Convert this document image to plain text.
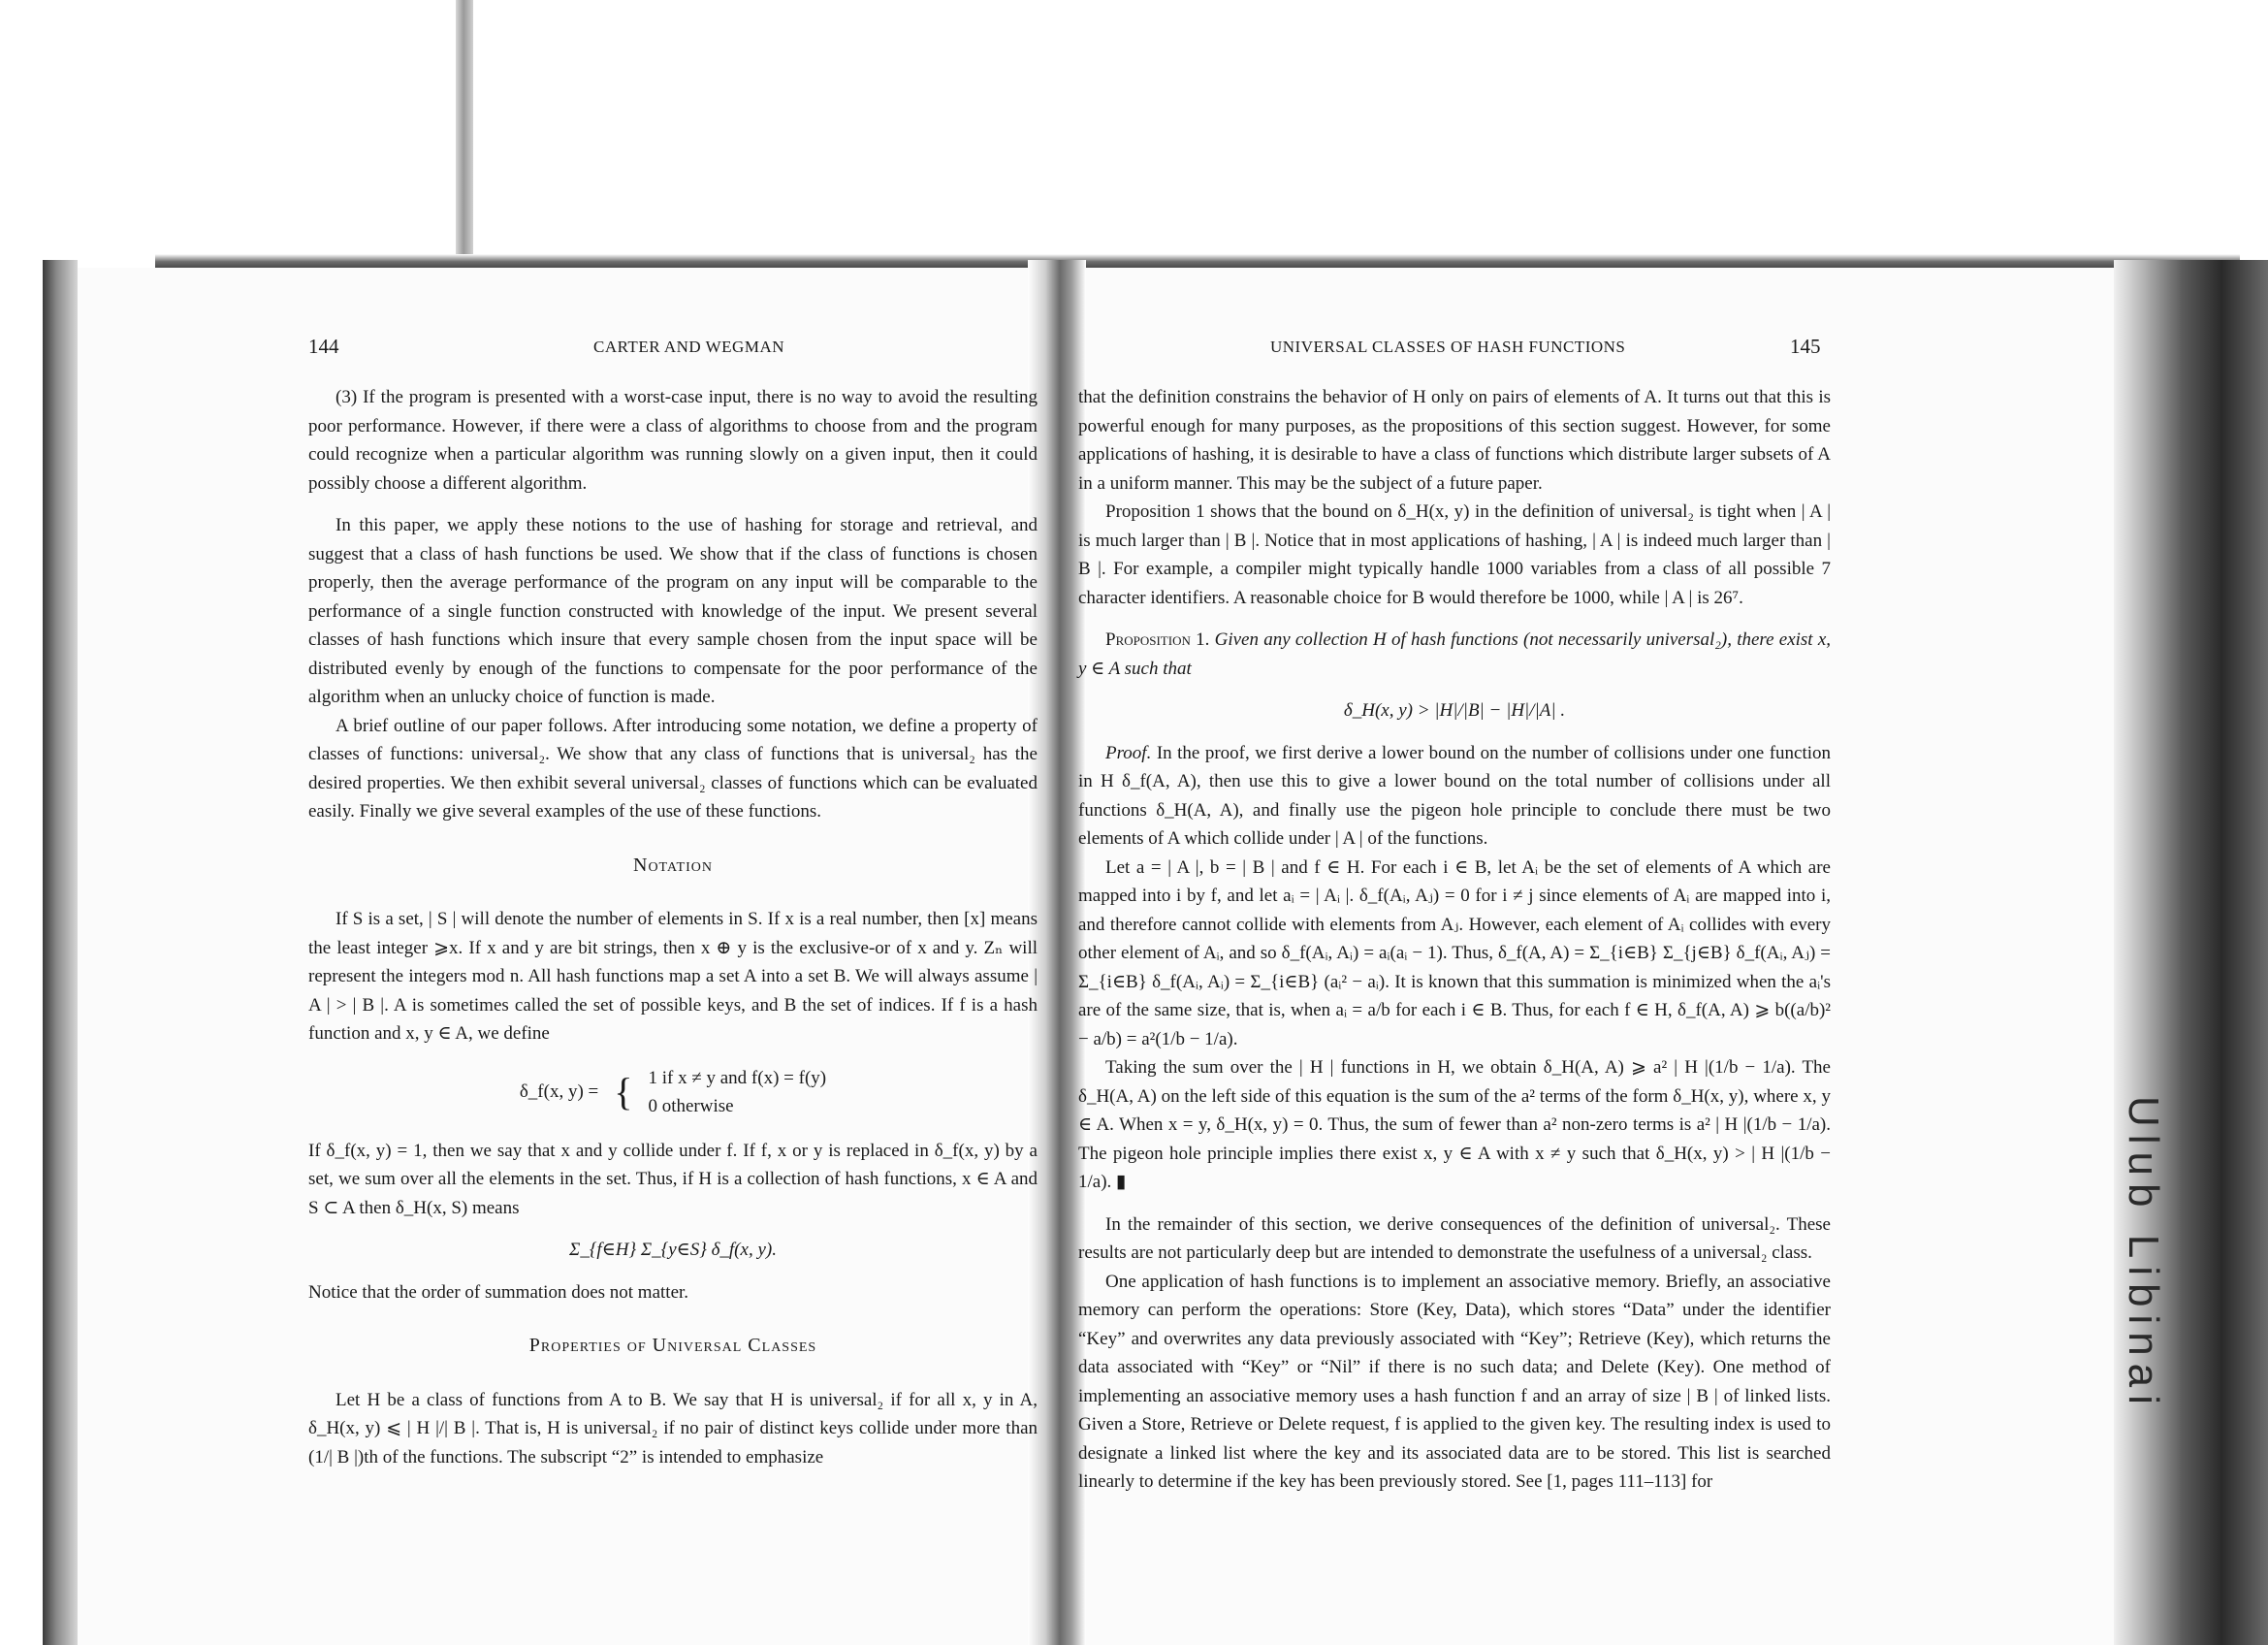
Ulub Libinai
144	CARTER AND WEGMAN

(3) If the program is presented with a worst-case input, there is no way to avoid the resulting poor performance. However, if there were a class of algorithms to choose from and the program could recognize when a particular algorithm was running slowly on a given input, then it could possibly choose a different algorithm.

In this paper, we apply these notions to the use of hashing for storage and retrieval, and suggest that a class of hash functions be used. We show that if the class of functions is chosen properly, then the average performance of the program on any input will be comparable to the performance of a single function constructed with knowledge of the input. We present several classes of hash functions which insure that every sample chosen from the input space will be distributed evenly by enough of the functions to compensate for the poor performance of the algorithm when an unlucky choice of function is made.

A brief outline of our paper follows. After introducing some notation, we define a property of classes of functions: universal₂. We show that any class of functions that is universal₂ has the desired properties. We then exhibit several universal₂ classes of functions which can be evaluated easily. Finally we give several examples of the use of these functions.

Notation

If S is a set, | S | will denote the number of elements in S. If x is a real number, then [x] means the least integer ⩾x. If x and y are bit strings, then x ⊕ y is the exclusive-or of x and y. Zₙ will represent the integers mod n. All hash functions map a set A into a set B. We will always assume | A | > | B |. A is sometimes called the set of possible keys, and B the set of indices. If f is a hash function and x, y ∈ A, we define

δ_f(x, y) = { 1 if x ≠ y and f(x) = f(y)
0 otherwise

If δ_f(x, y) = 1, then we say that x and y collide under f. If f, x or y is replaced in δ_f(x, y) by a set, we sum over all the elements in the set. Thus, if H is a collection of hash functions, x ∈ A and S ⊂ A then δ_H(x, S) means

Σ_{f∈H} Σ_{y∈S} δ_f(x, y).

Notice that the order of summation does not matter.

Properties of Universal Classes

Let H be a class of functions from A to B. We say that H is universal₂ if for all x, y in A, δ_H(x, y) ⩽ | H |/| B |. That is, H is universal₂ if no pair of distinct keys collide under more than (1/| B |)th of the functions. The subscript “2” is intended to emphasize

UNIVERSAL CLASSES OF HASH FUNCTIONS	145

that the definition constrains the behavior of H only on pairs of elements of A. It turns out that this is powerful enough for many purposes, as the propositions of this section suggest. However, for some applications of hashing, it is desirable to have a class of functions which distribute larger subsets of A in a uniform manner. This may be the subject of a future paper.

Proposition 1 shows that the bound on δ_H(x, y) in the definition of universal₂ is tight when | A | is much larger than | B |. Notice that in most applications of hashing, | A | is indeed much larger than | B |. For example, a compiler might typically handle 1000 variables from a class of all possible 7 character identifiers. A reasonable choice for B would therefore be 1000, while | A | is 26⁷.

Proposition 1. Given any collection H of hash functions (not necessarily universal₂), there exist x, y ∈ A such that

δ_H(x, y) > |H|/|B| − |H|/|A| .

Proof. In the proof, we first derive a lower bound on the number of collisions under one function in H δ_f(A, A), then use this to give a lower bound on the total number of collisions under all functions δ_H(A, A), and finally use the pigeon hole principle to conclude there must be two elements of A which collide under | A | of the functions.

Let a = | A |, b = | B | and f ∈ H. For each i ∈ B, let Aᵢ be the set of elements of A which are mapped into i by f, and let aᵢ = | Aᵢ |. δ_f(Aᵢ, Aⱼ) = 0 for i ≠ j since elements of Aᵢ are mapped into i, and therefore cannot collide with elements from Aⱼ. However, each element of Aᵢ collides with every other element of Aᵢ, and so δ_f(Aᵢ, Aᵢ) = aᵢ(aᵢ − 1). Thus, δ_f(A, A) = Σ_{i∈B} Σ_{j∈B} δ_f(Aᵢ, Aⱼ) = Σ_{i∈B} δ_f(Aᵢ, Aᵢ) = Σ_{i∈B} (aᵢ² − aᵢ). It is known that this summation is minimized when the aᵢ's are of the same size, that is, when aᵢ = a/b for each i ∈ B. Thus, for each f ∈ H, δ_f(A, A) ⩾ b((a/b)² − a/b) = a²(1/b − 1/a).

Taking the sum over the | H | functions in H, we obtain δ_H(A, A) ⩾ a² | H |(1/b − 1/a). The δ_H(A, A) on the left side of this equation is the sum of the a² terms of the form δ_H(x, y), where x, y ∈ A. When x = y, δ_H(x, y) = 0. Thus, the sum of fewer than a² non-zero terms is a² | H |(1/b − 1/a). The pigeon hole principle implies there exist x, y ∈ A with x ≠ y such that δ_H(x, y) > | H |(1/b − 1/a). ▮

In the remainder of this section, we derive consequences of the definition of universal₂. These results are not particularly deep but are intended to demonstrate the usefulness of a universal₂ class.

One application of hash functions is to implement an associative memory. Briefly, an associative memory can perform the operations: Store (Key, Data), which stores “Data” under the identifier “Key” and overwrites any data previously associated with “Key”; Retrieve (Key), which returns the data associated with “Key” or “Nil” if there is no such data; and Delete (Key). One method of implementing an associative memory uses a hash function f and an array of size | B | of linked lists. Given a Store, Retrieve or Delete request, f is applied to the given key. The resulting index is used to designate a linked list where the key and its associated data are to be stored. This list is searched linearly to determine if the key has been previously stored. See [1, pages 111–113] for
